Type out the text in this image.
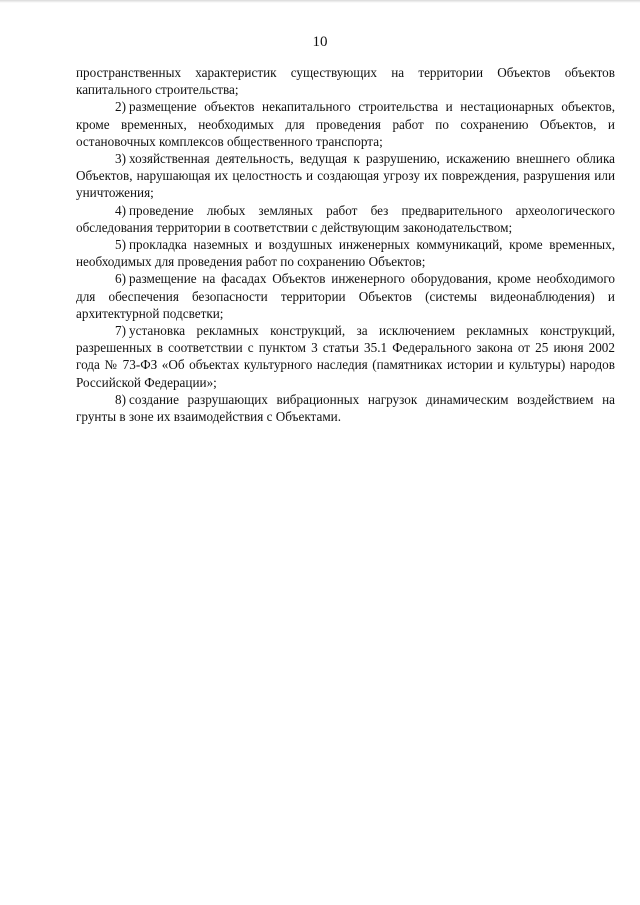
10

пространственных характеристик существующих на территории Объектов объектов капитального строительства;

2) размещение объектов некапитального строительства и нестационарных объектов, кроме временных, необходимых для проведения работ по сохранению Объектов, и остановочных комплексов общественного транспорта;

3) хозяйственная деятельность, ведущая к разрушению, искажению внешнего облика Объектов, нарушающая их целостность и создающая угрозу их повреждения, разрушения или уничтожения;

4) проведение любых земляных работ без предварительного археологического обследования территории в соответствии с действующим законодательством;

5) прокладка наземных и воздушных инженерных коммуникаций, кроме временных, необходимых для проведения работ по сохранению Объектов;

6) размещение на фасадах Объектов инженерного оборудования, кроме необходимого для обеспечения безопасности территории Объектов (системы видеонаблюдения) и архитектурной подсветки;

7) установка рекламных конструкций, за исключением рекламных конструкций, разрешенных в соответствии с пунктом 3 статьи 35.1 Федерального закона от 25 июня 2002 года № 73-ФЗ «Об объектах культурного наследия (памятниках истории и культуры) народов Российской Федерации»;

8) создание разрушающих вибрационных нагрузок динамическим воздействием на грунты в зоне их взаимодействия с Объектами.
